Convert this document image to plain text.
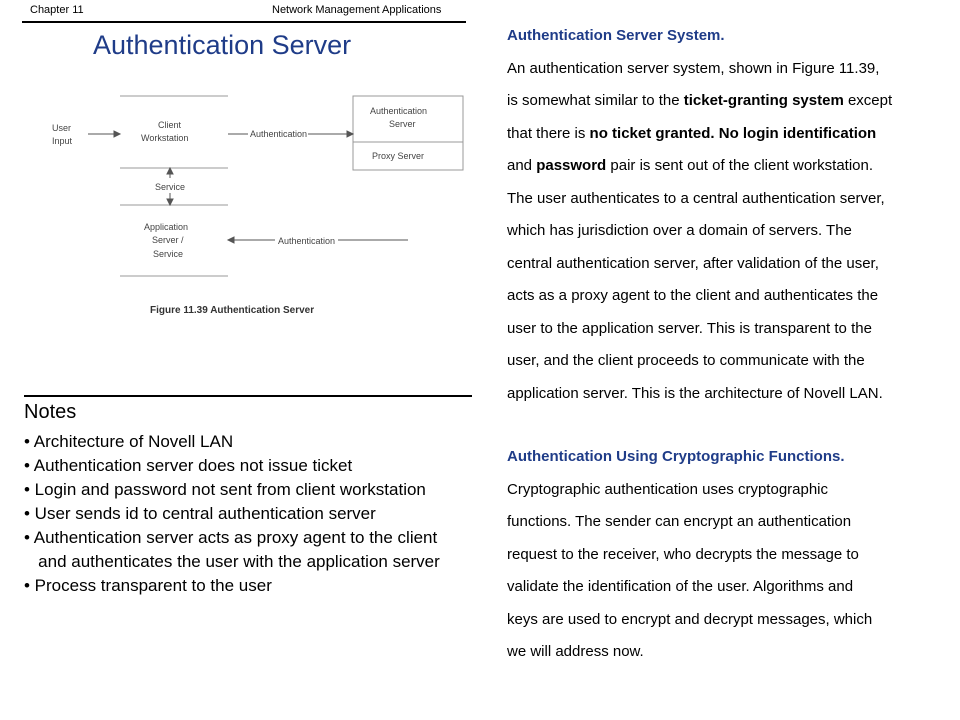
Chapter 11	Network Management Applications
Authentication Server
User
Input
Client
Workstation	Authentication
Authentication
Server
Proxy Server
Service
Application
Server /
Service
Authentication
Figure 11.39 Authentication Server
Notes
• Architecture of Novell LAN
• Authentication server does not issue ticket
• Login and password not sent from client workstation
• User sends id to central authentication server
• Authentication server acts as proxy agent to the client
and authenticates the user with the application server
• Process transparent to the user
Authentication Server System.
An authentication server system, shown in Figure 11.39,
is somewhat similar to the ticket-granting system except
that there is no ticket granted. No login identification
and password pair is sent out of the client workstation.
The user authenticates to a central authentication server,
which has jurisdiction over a domain of servers. The
central authentication server, after validation of the user,
acts as a proxy agent to the client and authenticates the
user to the application server. This is transparent to the
user, and the client proceeds to communicate with the
application server. This is the architecture of Novell LAN.
Authentication Using Cryptographic Functions.
Cryptographic authentication uses cryptographic
functions. The sender can encrypt an authentication
request to the receiver, who decrypts the message to
validate the identification of the user. Algorithms and
keys are used to encrypt and decrypt messages, which
we will address now.
